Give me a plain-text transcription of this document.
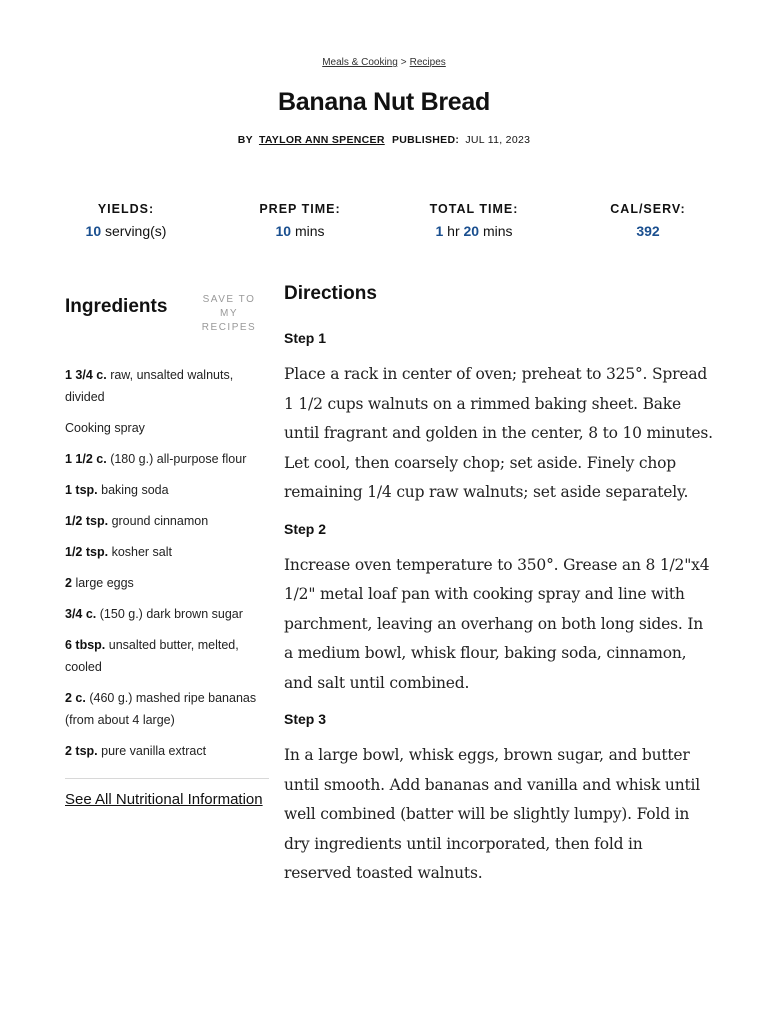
Meals & Cooking > Recipes
Banana Nut Bread
BY TAYLOR ANN SPENCER PUBLISHED: JUL 11, 2023
YIELDS:
10 serving(s)
PREP TIME:
10 mins
TOTAL TIME:
1 hr 20 mins
CAL/SERV:
392
Ingredients	SAVE TO MY RECIPES
1 3/4 c. raw, unsalted walnuts, divided
Cooking spray
1 1/2 c. (180 g.) all-purpose flour
1 tsp. baking soda
1/2 tsp. ground cinnamon
1/2 tsp. kosher salt
2 large eggs
3/4 c. (150 g.) dark brown sugar
6 tbsp. unsalted butter, melted, cooled
2 c. (460 g.) mashed ripe bananas (from about 4 large)
2 tsp. pure vanilla extract
See All Nutritional Information
Directions
Step 1

Place a rack in center of oven; preheat to 325°. Spread 1 1/2 cups walnuts on a rimmed baking sheet. Bake until fragrant and golden in the center, 8 to 10 minutes. Let cool, then coarsely chop; set aside. Finely chop remaining 1/4 cup raw walnuts; set aside separately.

Step 2

Increase oven temperature to 350°. Grease an 8 1/2"x4 1/2" metal loaf pan with cooking spray and line with parchment, leaving an overhang on both long sides. In a medium bowl, whisk flour, baking soda, cinnamon, and salt until combined.

Step 3

In a large bowl, whisk eggs, brown sugar, and butter until smooth. Add bananas and vanilla and whisk until well combined (batter will be slightly lumpy). Fold in dry ingredients until incorporated, then fold in reserved toasted walnuts.
